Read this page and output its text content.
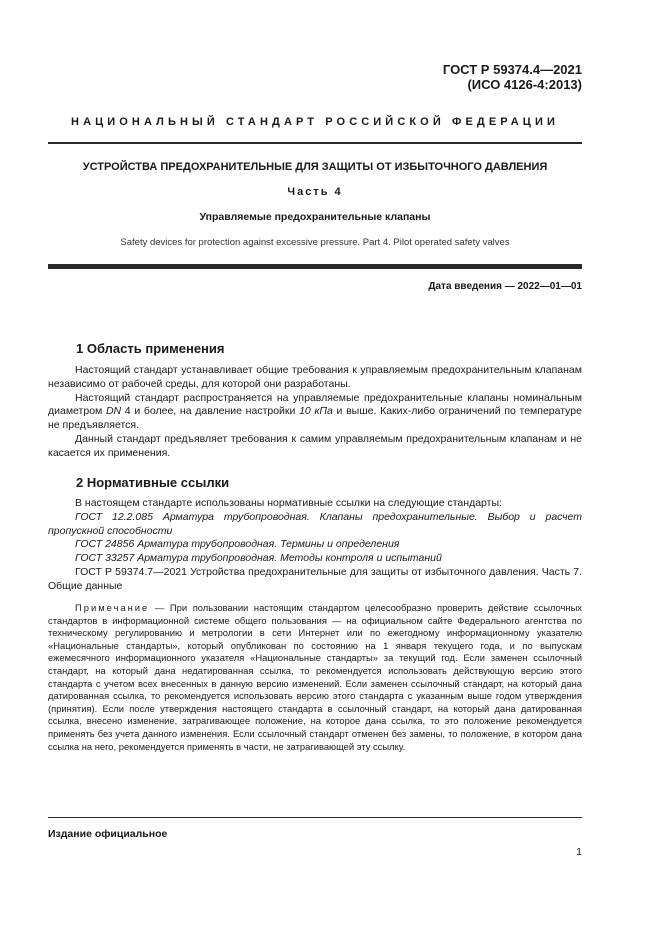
ГОСТ Р 59374.4—2021
(ИСО 4126-4:2013)
НАЦИОНАЛЬНЫЙ СТАНДАРТ РОССИЙСКОЙ ФЕДЕРАЦИИ
УСТРОЙСТВА ПРЕДОХРАНИТЕЛЬНЫЕ ДЛЯ ЗАЩИТЫ ОТ ИЗБЫТОЧНОГО ДАВЛЕНИЯ
Часть 4
Управляемые предохранительные клапаны
Safety devices for protection against excessive pressure. Part 4. Pilot operated safety valves
Дата введения — 2022—01—01
1 Область применения

Настоящий стандарт устанавливает общие требования к управляемым предохранительным клапанам независимо от рабочей среды, для которой они разработаны.

Настоящий стандарт распространяется на управляемые предохранительные клапаны номинальным диаметром DN 4 и более, на давление настройки 10 кПа и выше. Каких-либо ограничений по температуре не предъявляется.

Данный стандарт предъявляет требования к самим управляемым предохранительным клапанам и не касается их применения.

2 Нормативные ссылки

В настоящем стандарте использованы нормативные ссылки на следующие стандарты:

ГОСТ 12.2.085 Арматура трубопроводная. Клапаны предохранительные. Выбор и расчет пропускной способности

ГОСТ 24856 Арматура трубопроводная. Термины и определения

ГОСТ 33257 Арматура трубопроводная. Методы контроля и испытаний

ГОСТ Р 59374.7—2021 Устройства предохранительные для защиты от избыточного давления. Часть 7. Общие данные

Примечание — При пользовании настоящим стандартом целесообразно проверить действие ссылочных стандартов в информационной системе общего пользования — на официальном сайте Федерального агентства по техническому регулированию и метрологии в сети Интернет или по ежегодному информационному указателю «Национальные стандарты», который опубликован по состоянию на 1 января текущего года, и по выпускам ежемесячного информационного указателя «Национальные стандарты» за текущий год. Если заменен ссылочный стандарт, на который дана недатированная ссылка, то рекомендуется использовать действующую версию этого стандарта с учетом всех внесенных в данную версию изменений. Если заменен ссылочный стандарт, на который дана датированная ссылка, то рекомендуется использовать версию этого стандарта с указанным выше годом утверждения (принятия). Если после утверждения настоящего стандарта в ссылочный стандарт, на который дана датированная ссылка, внесено изменение, затрагивающее положение, на которое дана ссылка, то это положение рекомендуется применять без учета данного изменения. Если ссылочный стандарт отменен без замены, то положение, в котором дана ссылка на него, рекомендуется применять в части, не затрагивающей эту ссылку.

Издание официальное
1
